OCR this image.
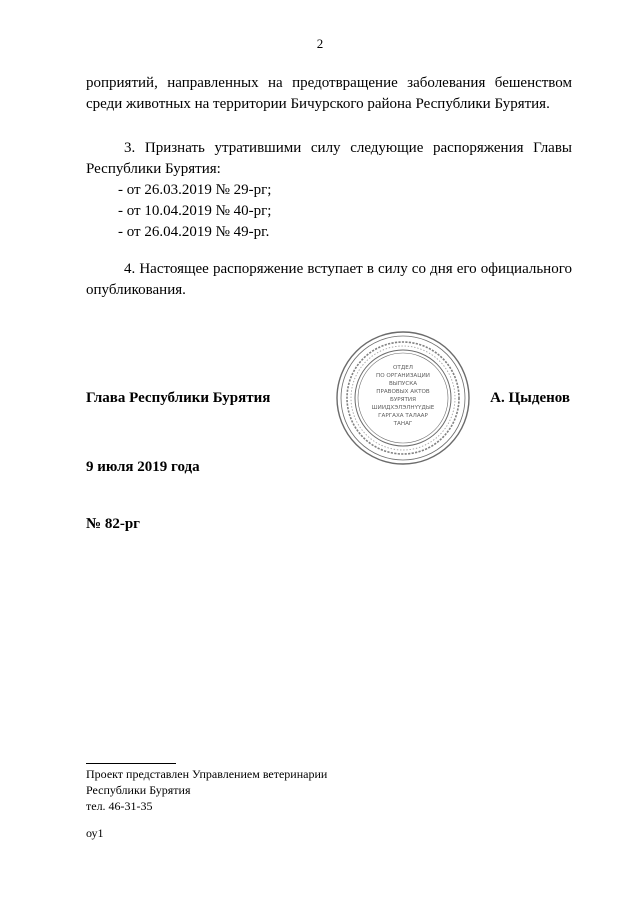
2
роприятий, направленных на предотвращение заболевания бешенством среди животных на территории Бичурского района Республики Бурятия.
3. Признать утратившими силу следующие распоряжения Главы Республики Бурятия:
- от 26.03.2019 № 29-рг;
- от 10.04.2019 № 40-рг;
- от 26.04.2019 № 49-рг.
4. Настоящее распоряжение вступает в силу со дня его официального опубликования.
Глава Республики Бурятия
ОТДЕЛ
ПО ОРГАНИЗАЦИИ
ВЫПУСКА
ПРАВОВЫХ АКТОВ
БУРЯТИЯ
ШИИДХЭЛЭЛНҮҮДЫЕ
ГАРГАХА ТАЛААР
ТАНАГ
А. Цыденов
9 июля 2019 года
№ 82-рг
Проект представлен Управлением ветеринарии
Республики Бурятия
тел. 46-31-35
оу1
